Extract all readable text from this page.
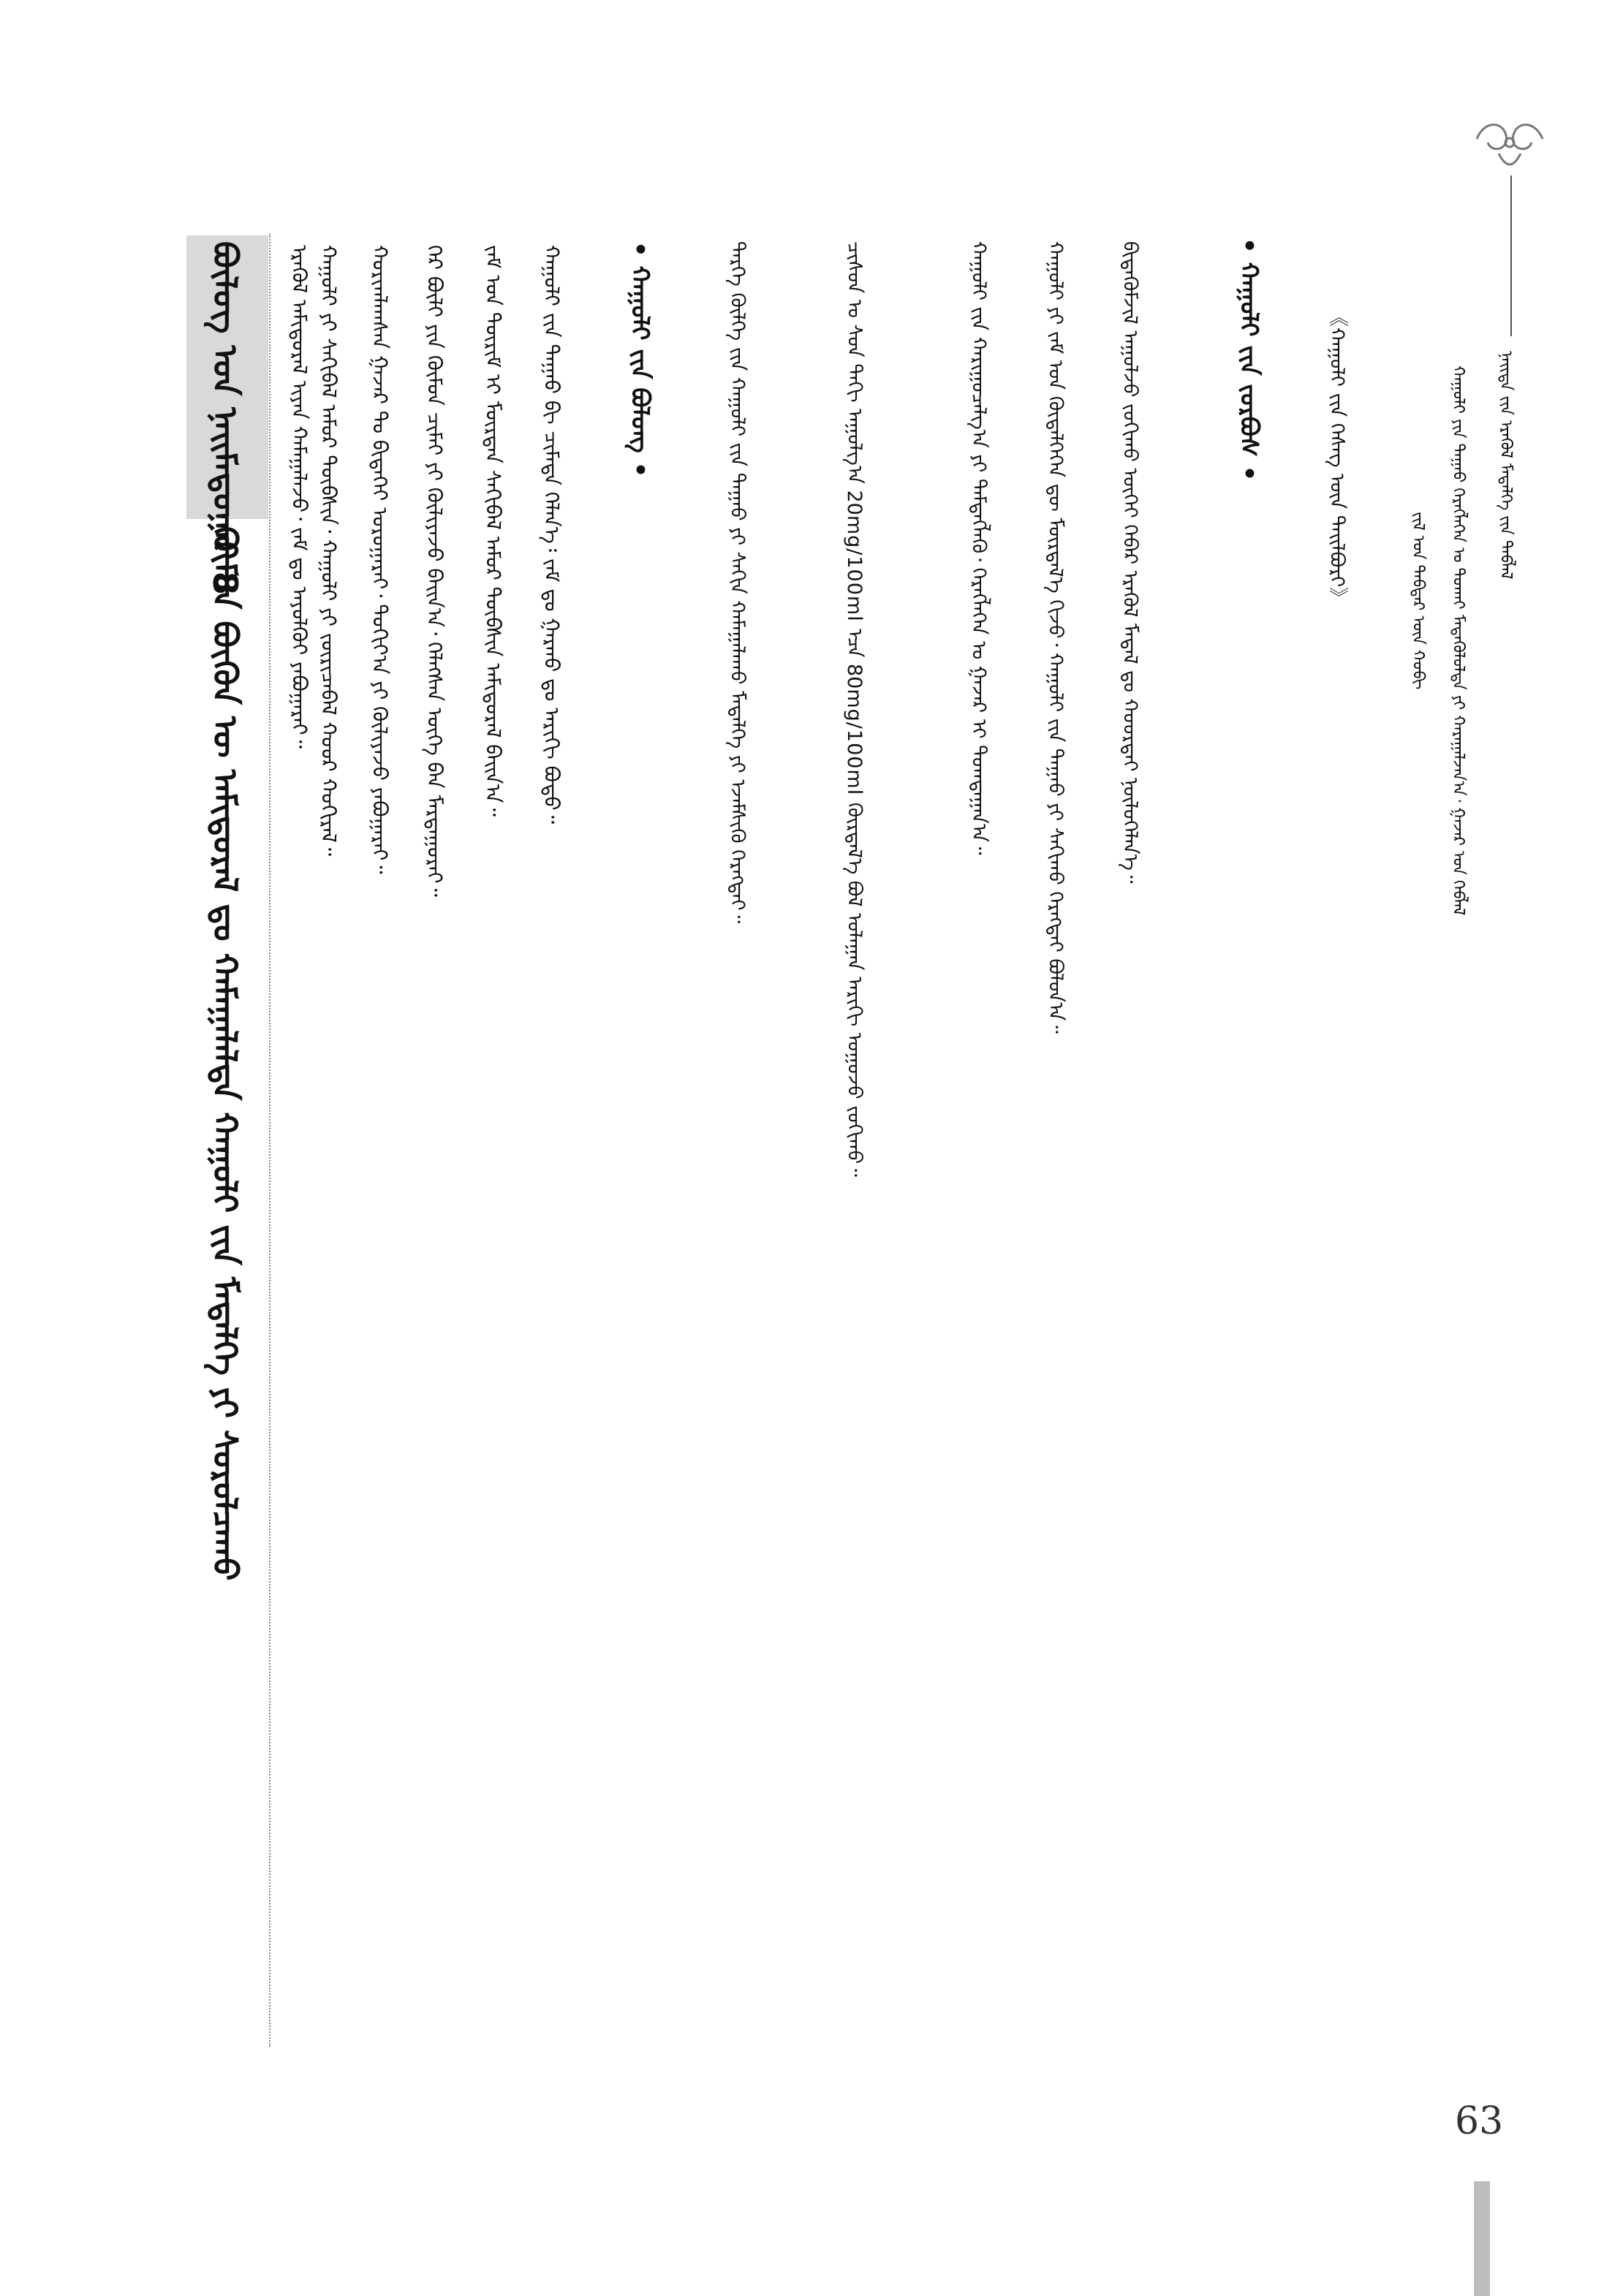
ᠨᠡᠢᠲᠡ ᠵᠢᠨ ᠡᠷᠡᠭᠦᠯ ᠮᠡᠳᠡᠯᠭᠡ ᠵᠢᠨ ᠲᠡᠪᠯᠡᠯ
ᠬᠠᠭᠤᠯᠢ ᠶᠢᠨ ᠳᠠᠭᠠᠤ ᠬᠡᠷᠡᠭᠯᠡᠭᠡᠨ ᠤ ᠲᠤᠬᠠᠢ ᠮᠡᠳᠡᠭᠦᠯᠦᠯᠲᠡ ᠶᠢ ᠬᠠᠷᠠᠭᠠᠯᠵᠠᠨ᠎ᠠ᠂ ᠭᠠᠵᠠᠷ ᠤᠨ ᠬᠡᠪᠯᠡᠯ
ᠵᠢᠯ ᠤᠨ ᠳᠡᠪᠲᠡᠷ ᠦᠨ ᠬᠤᠪᠢ
《ᠬᠠᠭᠤᠯᠢ ᠵᠢᠨ ᠬᠡᠰᠡᠭ ᠦᠨ ᠲᠠᠢᠯᠪᠤᠷᠢ》
• ᠬᠠᠭᠤᠯᠢ ᠵᠢᠨ ᠵᠤᠷᠪᠤᠰ •
ᠪᠢᠲᠡᠭᠦᠮᠵᠢᠯ ᠠᠭᠤᠯᠵᠤ ᠵᠤᠬᠢᠬᠤ ᠦᠬᠡᠢ ᠬᠡᠪᠡᠷ ᠡᠷᠡᠭᠦᠯ ᠮᠡᠳᠡᠯ ᠳᠤ ᠬᠣᠣᠷᠲᠠᠢ ᠨᠥᠯᠦᠭᠡᠯᠡᠨ᠎ᠡ᠃
ᠬᠠᠭᠤᠯᠢ ᠶᠢ ᠵᠠᠮ ᠤᠨ ᠬᠥᠳᠡᠯᠭᠡᠭᠡᠨ ᠳᠦ ᠮᠦᠷᠳᠡᠯ᠎ᠡ ᠬᠢᠵᠦ᠂ ᠬᠠᠭᠤᠯᠢ ᠵᠢᠨ ᠳᠠᠭᠠᠤ ᠶᠢ ᠰᠠᠬᠢᠬᠤ ᠬᠡᠷᠡᠭᠲᠡᠢ ᠪᠣᠯᠤᠨ᠎ᠠ᠃
ᠬᠠᠭᠤᠯᠢ ᠵᠢᠨ ᠬᠠᠷᠢᠭᠤᠴᠠᠯᠭ᠎ᠠ ᠶᠢ ᠲᠡᠮᠳᠡᠭᠯᠡᠬᠦ᠂ ᠬᠡᠷᠡᠭᠯᠡᠭᠡᠨ ᠤ ᠭᠠᠵᠠᠷ ᠢ ᠲᠤᠭᠳᠠᠭᠠᠨ᠎ᠠ᠃
ᠴᠢᠰᠤᠨ ᠤ ᠰᠣᠨ ᠳᠡᠬᠢ ᠠᠭᠤᠯᠭ᠎ᠠ 20mg/100ml ᠡᠴᠡ 80mg/100ml ᠬᠦᠷᠲᠡᠯ᠎ᠡ ᠪᠣᠯ ᠤᠯᠠᠭᠠᠨ ᠠᠷᠢᠬᠢ ᠤᠭᠤᠵᠤ ᠵᠤᠬᠢᠬᠤ᠃
ᠲᠡᠷᠭᠡ ᠬᠦᠯᠭᠡ ᠵᠢᠨ ᠬᠠᠭᠤᠯᠢ ᠵᠢᠨ ᠳᠠᠭᠠᠤ ᠶᠢ ᠰᠠᠬᠢᠨ ᠬᠠᠮᠠᠭᠠᠯᠠᠬᠤ ᠮᠡᠳᠡᠯᠭᠡ ᠶᠢ ᠡᠵᠡᠮᠰᠢᠬᠦ ᠬᠡᠷᠡᠭᠲᠡᠢ᠃
• ᠬᠠᠭᠤᠯᠢ ᠵᠢᠨ ᠪᠤᠯᠤᠩ •
ᠬᠠᠭᠤᠯᠢ ᠵᠢᠨ ᠳᠠᠭᠠᠤ ᠪᠢ ᠴᠢᠮᠠᠳᠠ ᠬᠡᠯᠡᠨ᠎ᠡ᠄ ᠵᠠᠮ ᠳᠤ ᠭᠠᠷᠬᠤ ᠳᠤ ᠠᠷᠢᠬᠢ ᠪᠤᠳᠤ᠃
ᠵᠠᠮ ᠤᠨ ᠳᠦᠷᠢᠮ ᠢ ᠮᠥᠷᠳᠡᠨ ᠰᠠᠬᠢᠪᠠᠯ ᠠᠮᠤᠷ ᠳᠦᠪᠰᠢᠨ ᠠᠮᠢᠳᠤᠷᠠᠯ ᠪᠠᠢᠨ᠎ᠠ᠃
ᠭᠡᠷ ᠪᠦᠯᠢ ᠶᠢᠨ ᠬᠦᠮᠦᠨ ᠴᠢᠮᠠᠢ ᠶᠢ ᠬᠦᠯᠢᠶᠡᠵᠦ ᠪᠠᠢᠨ᠎ᠠ᠂ ᠬᠡᠯᠡᠭᠰᠡᠨ ᠦᠭᠡ ᠪᠡᠨ ᠮᠠᠷᠲᠠᠭᠤᠷᠠᠢ᠃
ᠬᠣᠷᠢᠭᠯᠠᠭᠰᠠᠨ ᠭᠠᠵᠠᠷ ᠲᠤ ᠪᠢᠲᠡᠭᠡᠢ ᠣᠷᠣᠭᠠᠷᠠᠢ᠂ ᠳᠣᠬᠢᠶ᠎ᠠ ᠶᠢ ᠬᠦᠯᠢᠶᠡᠵᠦ ᠶᠠᠪᠤᠭᠠᠷᠠᠢ᠃
ᠬᠠᠭᠤᠯᠢ ᠶᠢ ᠰᠠᠬᠢᠪᠠᠯ ᠠᠮᠤᠷ ᠲᠦᠪᠰᠢᠨ᠂ ᠬᠠᠭᠤᠯᠢ ᠶᠢ ᠵᠥᠷᠢᠴᠡᠪᠡᠯ ᠬᠣᠣᠷ ᠬᠣᠬᠢᠷᠠᠯ᠃
ᠡᠷᠡᠭᠦᠯ ᠠᠮᠢᠳᠤᠷᠠᠯ ᠢᠶᠠᠨ ᠬᠠᠮᠠᠭᠠᠯᠠᠵᠤ᠂ ᠵᠠᠮ ᠳᠤ ᠠᠶᠤᠯᠭᠦᠢ ᠶᠠᠪᠤᠭᠠᠷᠠᠢ᠃
ᠪᠦᠯᠦᠭ ᠤᠨ ᠨᠠᠢᠮᠠᠳᠤᠭᠠᠷ 8
ᠬᠦᠮᠦᠨ ᠪᠦᠬᠦᠨ ᠦ ᠠᠮᠢᠳᠤᠷᠠᠯ ᠳᠤ ᠬᠠᠮᠠᠭᠠᠯᠠᠯᠲᠠ ᠬᠠᠭᠤᠯᠢ ᠵᠢᠨ ᠮᠡᠳᠡᠯᠭᠡ ᠶᠢ ᠰᠤᠷᠤᠯᠴᠠᠬᠤ
63
